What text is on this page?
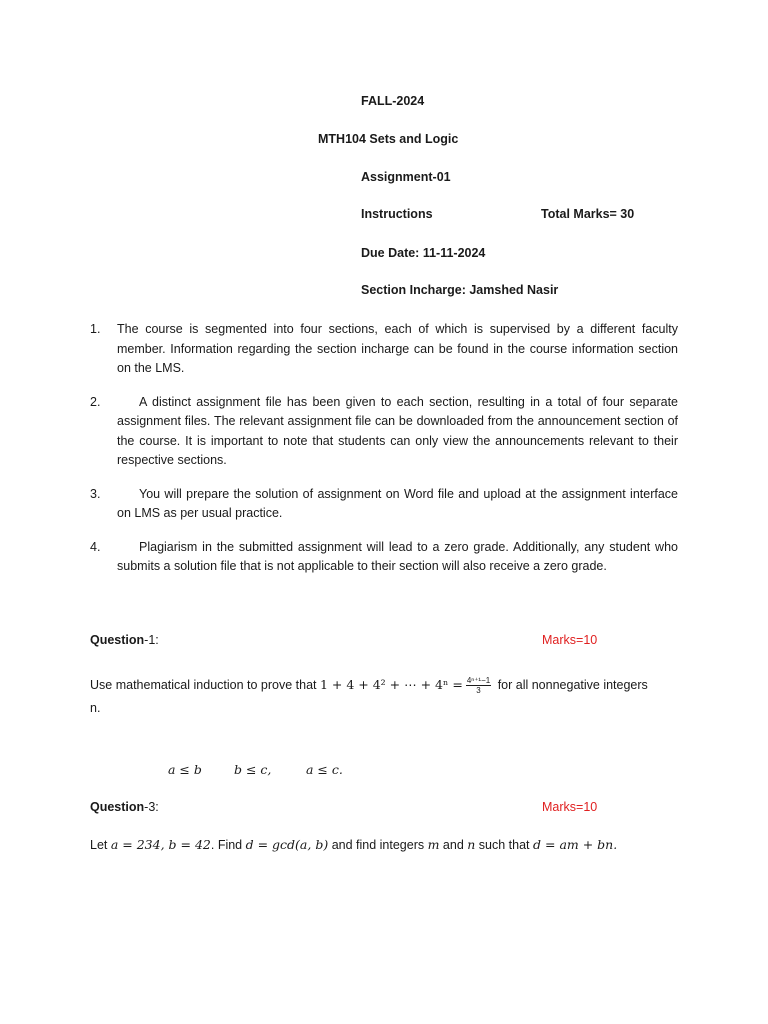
FALL-2024
MTH104 Sets and Logic
Assignment-01
Instructions	Total Marks= 30
Due Date: 11-11-2024
Section Incharge: Jamshed Nasir
1. The course is segmented into four sections, each of which is supervised by a different faculty member. Information regarding the section incharge can be found in the course information section on the LMS.
2.	A distinct assignment file has been given to each section, resulting in a total of four separate assignment files. The relevant assignment file can be downloaded from the announcement section of the course. It is important to note that students can only view the announcements relevant to their respective sections.
3.	You will prepare the solution of assignment on Word file and upload at the assignment interface on LMS as per usual practice.
4.	Plagiarism in the submitted assignment will lead to a zero grade. Additionally, any student who submits a solution file that is not applicable to their section will also receive a zero grade.
Question-1:	Marks=10
Use mathematical induction to prove that 1 + 4 + 4² + ⋯ + $4^n = \frac{\text{4ⁿ⁺¹−1}}{3}$ for all nonnegative integers
n.
a ≤ b	b ≤ c,	a ≤ c.
Question-3:	Marks=10
Let a = 234, b = 42. Find d = gcd(a, b) and find integers m and n such that d = am + bn.
